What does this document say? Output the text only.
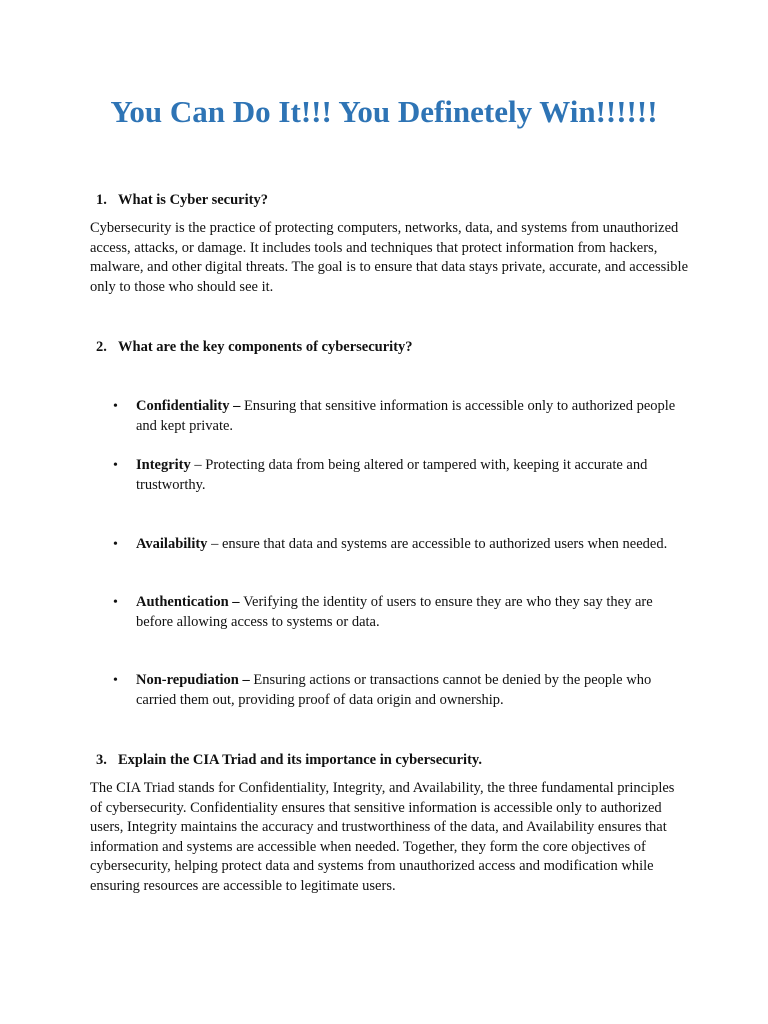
You Can Do It!!! You Definetely Win!!!!!!

1. What is Cyber security?

Cybersecurity is the practice of protecting computers, networks, data, and systems from unauthorized access, attacks, or damage. It includes tools and techniques that protect information from hackers, malware, and other digital threats. The goal is to ensure that data stays private, accurate, and accessible only to those who should see it.

2. What are the key components of cybersecurity?

•	Confidentiality – Ensuring that sensitive information is accessible only to authorized people and kept private.
•	Integrity – Protecting data from being altered or tampered with, keeping it accurate and trustworthy.
•	Availability – ensure that data and systems are accessible to authorized users when needed.
•	Authentication – Verifying the identity of users to ensure they are who they say they are before allowing access to systems or data.
•	Non-repudiation – Ensuring actions or transactions cannot be denied by the people who carried them out, providing proof of data origin and ownership.

3. Explain the CIA Triad and its importance in cybersecurity.

The CIA Triad stands for Confidentiality, Integrity, and Availability, the three fundamental principles of cybersecurity. Confidentiality ensures that sensitive information is accessible only to authorized users, Integrity maintains the accuracy and trustworthiness of the data, and Availability ensures that information and systems are accessible when needed. Together, they form the core objectives of cybersecurity, helping protect data and systems from unauthorized access and modification while ensuring resources are accessible to legitimate users.
